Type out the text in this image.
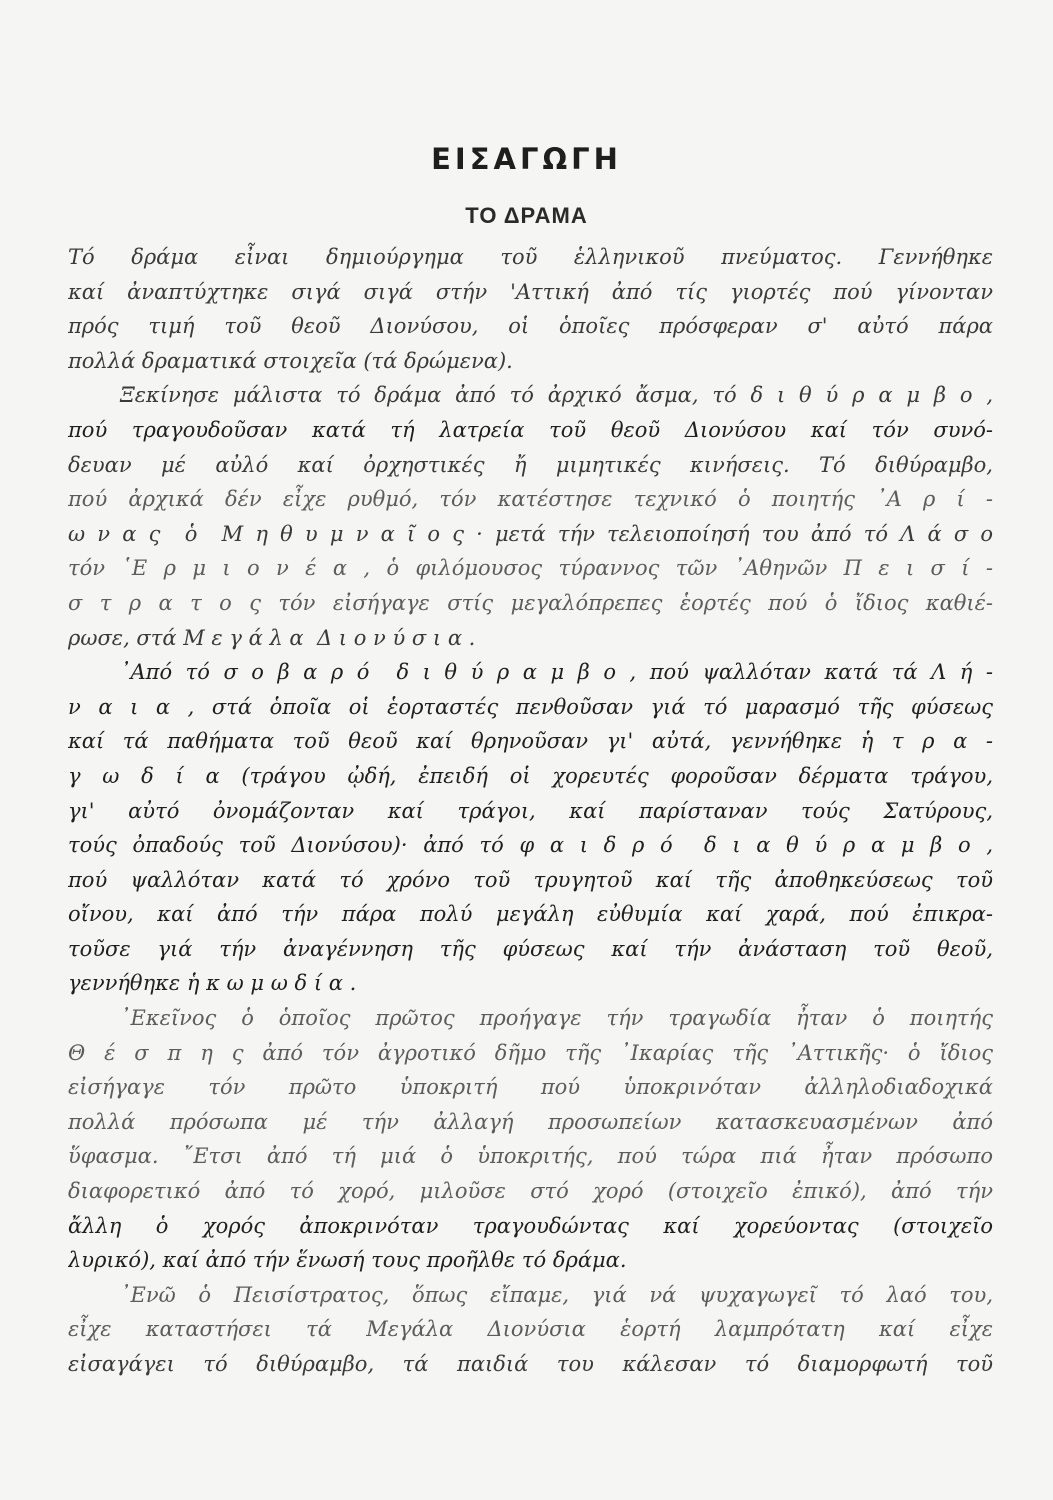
ΕΙΣΑΓΩΓΗ
ΤΟ ΔΡΑΜΑ
Τό δράμα εἶναι δημιούργημα τοῦ ἑλληνικοῦ πνεύματος. Γεννήθηκε
καί ἀναπτύχτηκε σιγά σιγά στήν 'Αττική ἀπό τίς γιορτές πού γίνονταν
πρός τιμή τοῦ θεοῦ Διονύσου, οἱ ὁποῖες πρόσφεραν σ' αὐτό πάρα
πολλά δραματικά στοιχεῖα (τά δρώμενα).
Ξεκίνησε μάλιστα τό δράμα ἀπό τό ἀρχικό ἄσμα, τό δ ι θ ύ ρ α μ β ο ,
πού τραγουδοῦσαν κατά τή λατρεία τοῦ θεοῦ Διονύσου καί τόν συνό-
δευαν μέ αὐλό καί ὀρχηστικές ἤ μιμητικές κινήσεις. Τό διθύραμβο,
πού ἀρχικά δέν εἶχε ρυθμό, τόν κατέστησε τεχνικό ὁ ποιητής ᾿Α ρ ί -
ω ν α ς  ὁ  Μ η θ υ μ ν α ῖ ο ς · μετά τήν τελειοποίησή του ἀπό τό Λ ά σ ο
τόν ῾Ε ρ μ ι ο ν έ α , ὁ φιλόμουσος τύραννος τῶν ᾿Αθηνῶν Π ε ι σ ί -
σ τ ρ α τ ο ς τόν εἰσήγαγε στίς μεγαλόπρεπες ἑορτές πού ὁ ἴδιος καθιέ-
ρωσε, στά Μ ε γ ά λ α  Δ ι ο ν ύ σ ι α .
᾿Από τό σ ο β α ρ ό  δ ι θ ύ ρ α μ β ο , πού ψαλλόταν κατά τά Λ ή -
ν α ι α , στά ὁποῖα οἱ ἑορταστές πενθοῦσαν γιά τό μαρασμό τῆς φύσεως
καί τά παθήματα τοῦ θεοῦ καί θρηνοῦσαν γι' αὐτά, γεννήθηκε ἡ τ ρ α -
γ ω δ ί α (τράγου ᾠδή, ἐπειδή οἱ χορευτές φοροῦσαν δέρματα τράγου,
γι' αὐτό ὀνομάζονταν καί τράγοι, καί παρίσταναν τούς Σατύρους,
τούς ὀπαδούς τοῦ Διονύσου)· ἀπό τό φ α ι δ ρ ό  δ ι α θ ύ ρ α μ β ο ,
πού ψαλλόταν κατά τό χρόνο τοῦ τρυγητοῦ καί τῆς ἀποθηκεύσεως τοῦ
οἴνου, καί ἀπό τήν πάρα πολύ μεγάλη εὐθυμία καί χαρά, πού ἐπικρα-
τοῦσε γιά τήν ἀναγέννηση τῆς φύσεως καί τήν ἀνάσταση τοῦ θεοῦ,
γεννήθηκε ἡ κ ω μ ω δ ί α .
᾿Εκεῖνος ὁ ὁποῖος πρῶτος προήγαγε τήν τραγωδία ἦταν ὁ ποιητής
Θ έ σ π η ς ἀπό τόν ἀγροτικό δῆμο τῆς ᾿Ικαρίας τῆς ᾿Αττικῆς· ὁ ἴδιος
εἰσήγαγε τόν πρῶτο ὑποκριτή πού ὑποκρινόταν ἀλληλοδιαδοχικά
πολλά πρόσωπα μέ τήν ἀλλαγή προσωπείων κατασκευασμένων ἀπό
ὕφασμα. ῎Ετσι ἀπό τή μιά ὁ ὑποκριτής, πού τώρα πιά ἦταν πρόσωπο
διαφορετικό ἀπό τό χορό, μιλοῦσε στό χορό (στοιχεῖο ἐπικό), ἀπό τήν
ἄλλη ὁ χορός ἀποκρινόταν τραγουδώντας καί χορεύοντας (στοιχεῖο
λυρικό), καί ἀπό τήν ἕνωσή τους προῆλθε τό δράμα.
᾿Ενῶ ὁ Πεισίστρατος, ὅπως εἴπαμε, γιά νά ψυχαγωγεῖ τό λαό του,
εἶχε καταστήσει τά Μεγάλα Διονύσια ἑορτή λαμπρότατη καί εἶχε
εἰσαγάγει τό διθύραμβο, τά παιδιά του κάλεσαν τό διαμορφωτή τοῦ
